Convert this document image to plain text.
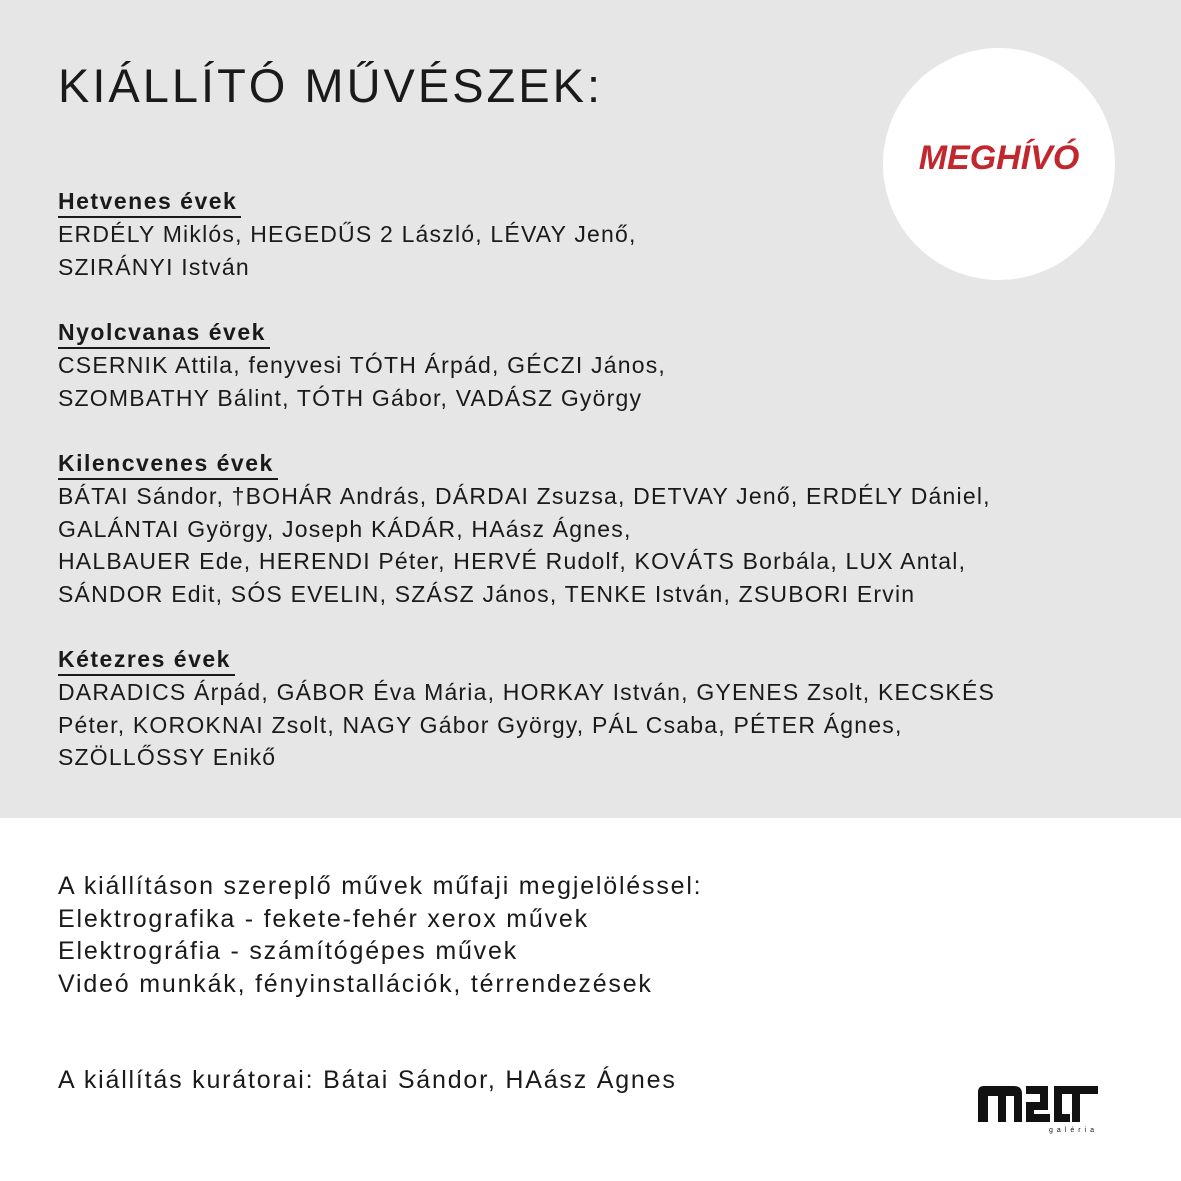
KIÁLLÍTÓ MŰVÉSZEK:
MEGHÍVÓ
Hetvenes évek
ERDÉLY Miklós, HEGEDŰS 2 László, LÉVAY Jenő,
SZIRÁNYI István
Nyolcvanas évek
CSERNIK Attila, fenyvesi TÓTH Árpád, GÉCZI János,
SZOMBATHY Bálint, TÓTH Gábor, VADÁSZ György
Kilencvenes évek
BÁTAI Sándor, †BOHÁR András, DÁRDAI Zsuzsa, DETVAY Jenő, ERDÉLY Dániel,
GALÁNTAI György, Joseph KÁDÁR, HAász Ágnes,
HALBAUER Ede, HERENDI Péter, HERVÉ Rudolf, KOVÁTS Borbála, LUX Antal,
SÁNDOR Edit, SÓS EVELIN, SZÁSZ János, TENKE István, ZSUBORI Ervin
Kétezres évek
DARADICS Árpád, GÁBOR Éva Mária, HORKAY István, GYENES Zsolt, KECSKÉS
Péter, KOROKNAI Zsolt, NAGY Gábor György, PÁL Csaba, PÉTER Ágnes,
SZÖLLŐSSY Enikő
A kiállításon szereplő művek műfaji megjelöléssel:
Elektrografika - fekete-fehér xerox művek
Elektrográfia - számítógépes művek
Videó munkák, fényinstallációk, térrendezések
A kiállítás kurátorai: Bátai Sándor, HAász Ágnes
galéria
